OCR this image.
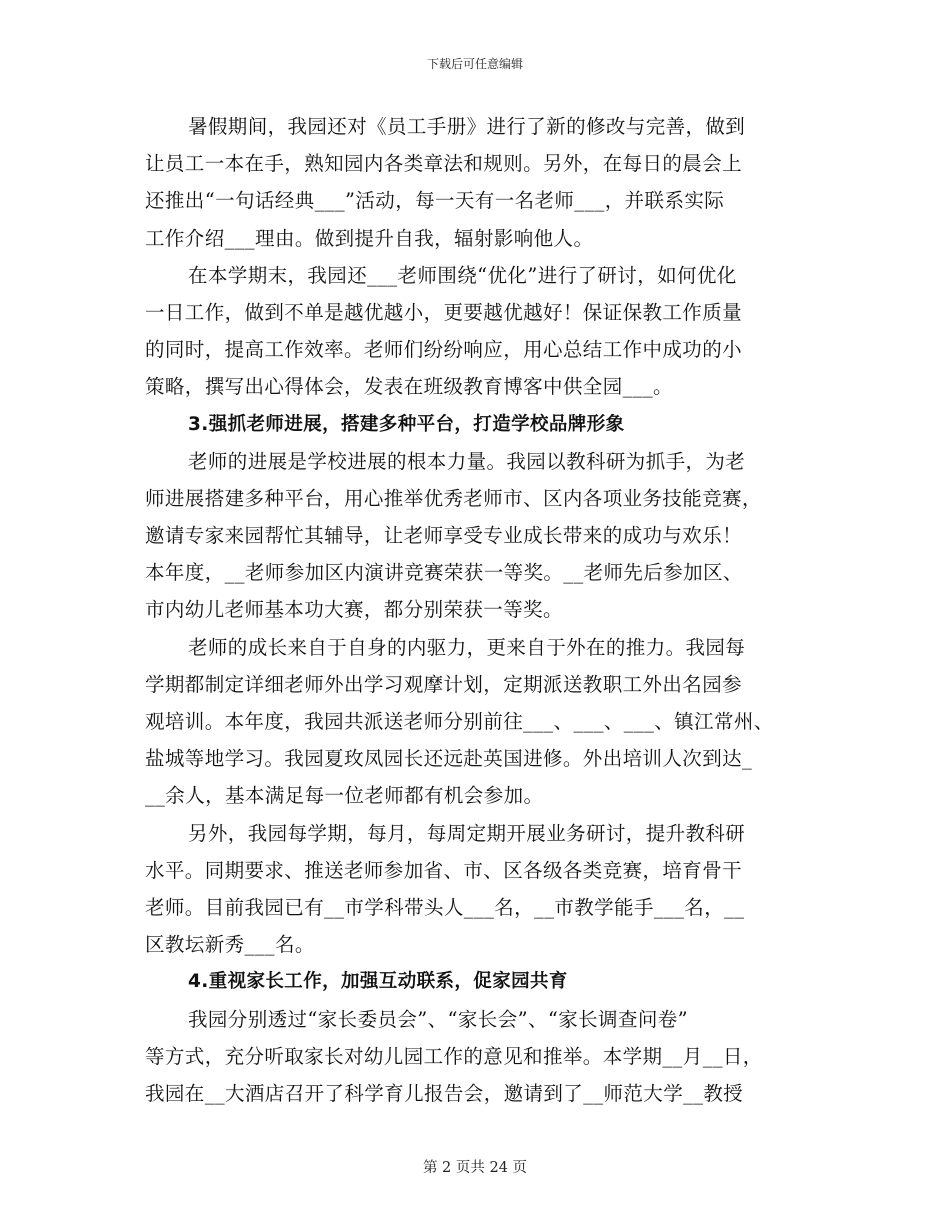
下载后可任意编辑
暑假期间，我园还对《员工手册》进行了新的修改与完善，做到
让员工一本在手，熟知园内各类章法和规则。另外，在每日的晨会上
还推出“一句话经典___”活动，每一天有一名老师___，并联系实际
工作介绍___理由。做到提升自我，辐射影响他人。
在本学期末，我园还___老师围绕“优化”进行了研讨，如何优化
一日工作，做到不单是越优越小，更要越优越好！保证保教工作质量
的同时，提高工作效率。老师们纷纷响应，用心总结工作中成功的小
策略，撰写出心得体会，发表在班级教育博客中供全园___。
3.强抓老师进展，搭建多种平台，打造学校品牌形象
老师的进展是学校进展的根本力量。我园以教科研为抓手，为老
师进展搭建多种平台，用心推举优秀老师市、区内各项业务技能竞赛，
邀请专家来园帮忙其辅导，让老师享受专业成长带来的成功与欢乐！
本年度，__老师参加区内演讲竞赛荣获一等奖。__老师先后参加区、
市内幼儿老师基本功大赛，都分别荣获一等奖。
老师的成长来自于自身的内驱力，更来自于外在的推力。我园每
学期都制定详细老师外出学习观摩计划，定期派送教职工外出名园参
观培训。本年度，我园共派送老师分别前往___、___、___、镇江常州、
盐城等地学习。我园夏玫凤园长还远赴英国进修。外出培训人次到达_
__余人，基本满足每一位老师都有机会参加。
另外，我园每学期，每月，每周定期开展业务研讨，提升教科研
水平。同期要求、推送老师参加省、市、区各级各类竞赛，培育骨干
老师。目前我园已有__市学科带头人___名，__市教学能手___名，__
区教坛新秀___名。
4.重视家长工作，加强互动联系，促家园共育
我园分别透过“家长委员会”、“家长会”、“家长调查问卷”
等方式，充分听取家长对幼儿园工作的意见和推举。本学期__月__日，
我园在__大酒店召开了科学育儿报告会，邀请到了__师范大学__教授
第 2 页共 24 页
